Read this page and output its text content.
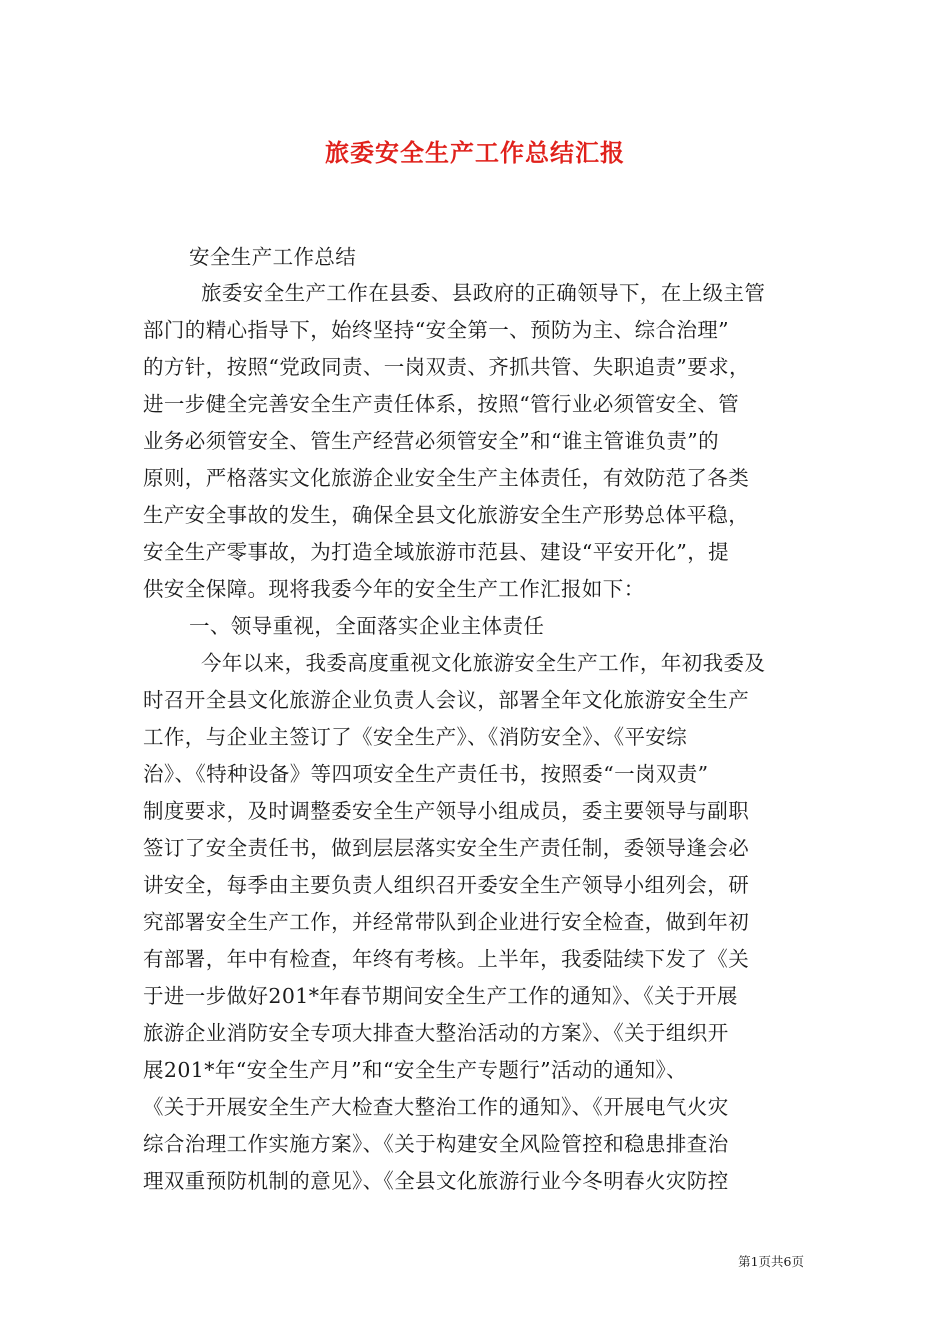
旅委安全生产工作总结汇报
安全生产工作总结
旅委安全生产工作在县委、县政府的正确领导下，在上级主管
部门的精心指导下，始终坚持“安全第一、预防为主、综合治理”
的方针，按照“党政同责、一岗双责、齐抓共管、失职追责”要求，
进一步健全完善安全生产责任体系，按照“管行业必须管安全、管
业务必须管安全、管生产经营必须管安全”和“谁主管谁负责”的
原则，严格落实文化旅游企业安全生产主体责任，有效防范了各类
生产安全事故的发生，确保全县文化旅游安全生产形势总体平稳，
安全生产零事故，为打造全域旅游市范县、建设“平安开化”，提
供安全保障。现将我委今年的安全生产工作汇报如下：
一、领导重视，全面落实企业主体责任
今年以来，我委高度重视文化旅游安全生产工作，年初我委及
时召开全县文化旅游企业负责人会议，部署全年文化旅游安全生产
工作，与企业主签订了《安全生产》、《消防安全》、《平安综
治》、《特种设备》等四项安全生产责任书，按照委“一岗双责”
制度要求，及时调整委安全生产领导小组成员，委主要领导与副职
签订了安全责任书，做到层层落实安全生产责任制，委领导逢会必
讲安全，每季由主要负责人组织召开委安全生产领导小组列会，研
究部署安全生产工作，并经常带队到企业进行安全检查，做到年初
有部署，年中有检查，年终有考核。上半年，我委陆续下发了《关
于进一步做好201*年春节期间安全生产工作的通知》、《关于开展
旅游企业消防安全专项大排查大整治活动的方案》、《关于组织开
展201*年“安全生产月”和“安全生产专题行”活动的通知》、
《关于开展安全生产大检查大整治工作的通知》、《开展电气火灾
综合治理工作实施方案》、《关于构建安全风险管控和稳患排查治
理双重预防机制的意见》、《全县文化旅游行业今冬明春火灾防控
第1页共6页
